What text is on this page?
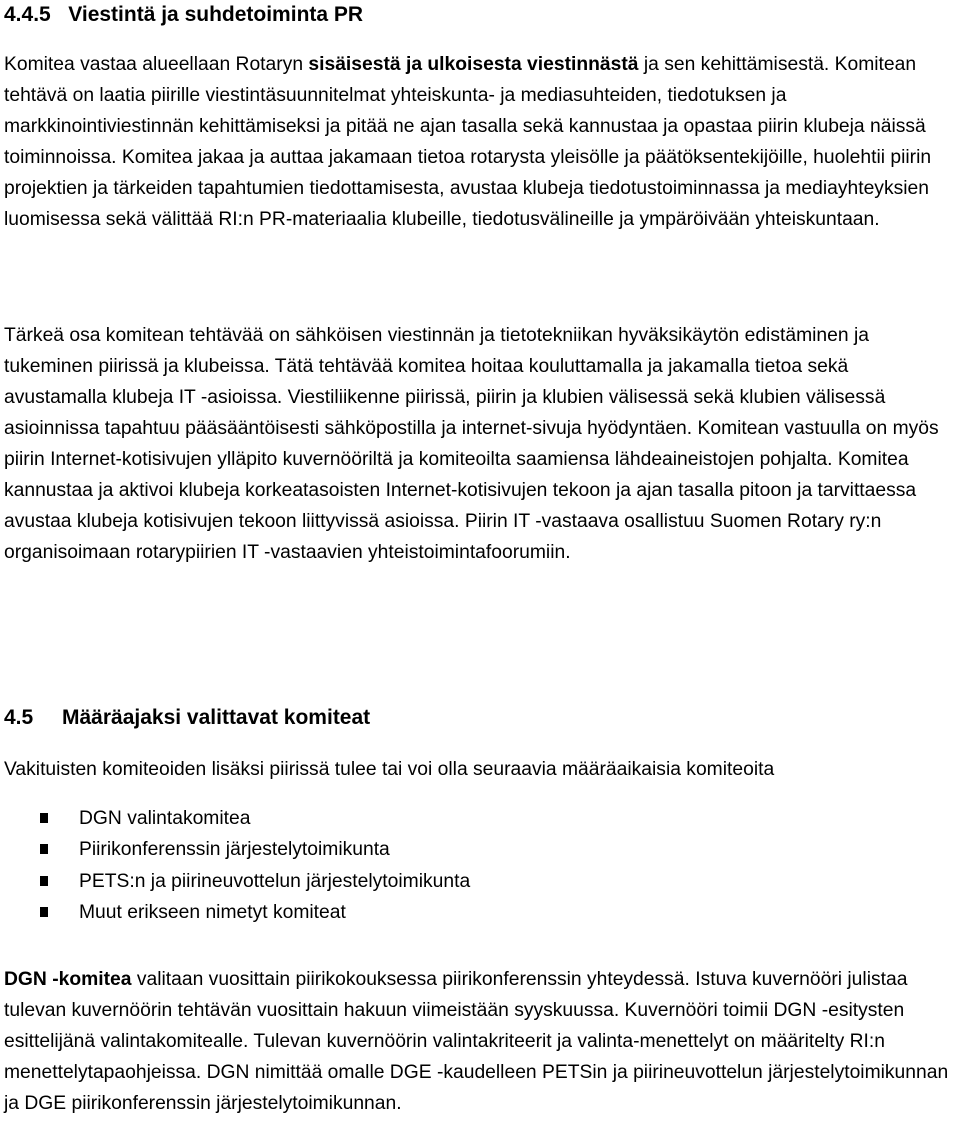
4.4.5 Viestintä ja suhdetoiminta PR

Komitea vastaa alueellaan Rotaryn sisäisestä ja ulkoisesta viestinnästä ja sen kehittämisestä. Komitean tehtävä on laatia piirille viestintäsuunnitelmat yhteiskunta- ja mediasuhteiden, tiedotuksen ja markkinointiviestinnän kehittämiseksi ja pitää ne ajan tasalla sekä kannustaa ja opastaa piirin klubeja näissä toiminnoissa. Komitea jakaa ja auttaa jakamaan tietoa rotarysta yleisölle ja päätöksentekijöille, huolehtii piirin projektien ja tärkeiden tapahtumien tiedottamisesta, avustaa klubeja tiedotustoiminnassa ja mediayhteyksien luomisessa sekä välittää RI:n PR-materiaalia klubeille, tiedotusvälineille ja ympäröivään yhteiskuntaan.

Tärkeä osa komitean tehtävää on sähköisen viestinnän ja tietotekniikan hyväksikäytön edistäminen ja tukeminen piirissä ja klubeissa. Tätä tehtävää komitea hoitaa kouluttamalla ja jakamalla tietoa sekä avustamalla klubeja IT -asioissa. Viestiliikenne piirissä, piirin ja klubien välisessä sekä klubien välisessä asioinnissa tapahtuu pääsääntöisesti sähköpostilla ja internet-sivuja hyödyntäen. Komitean vastuulla on myös piirin Internet-kotisivujen ylläpito kuvernööriltä ja komiteoilta saamiensa lähdeaineistojen pohjalta. Komitea kannustaa ja aktivoi klubeja korkeatasoisten Internet-kotisivujen tekoon ja ajan tasalla pitoon ja tarvittaessa avustaa klubeja kotisivujen tekoon liittyvissä asioissa. Piirin IT -vastaava osallistuu Suomen Rotary ry:n organisoimaan rotarypiirien IT -vastaavien yhteistoimintafoorumiin.

4.5 Määräajaksi valittavat komiteat

Vakituisten komiteoiden lisäksi piirissä tulee tai voi olla seuraavia määräaikaisia komiteoita

DGN valintakomitea
Piirikonferenssin järjestelytoimikunta
PETS:n ja piirineuvottelun järjestelytoimikunta
Muut erikseen nimetyt komiteat

DGN -komitea valitaan vuosittain piirikokouksessa piirikonferenssin yhteydessä. Istuva kuvernööri julistaa tulevan kuvernöörin tehtävän vuosittain hakuun viimeistään syyskuussa. Kuvernööri toimii DGN -esitysten esittelijänä valintakomitealle. Tulevan kuvernöörin valintakriteerit ja valinta-menettelyt on määritelty RI:n menettelytapaohjeissa. DGN nimittää omalle DGE -kaudelleen PETSin ja piirineuvottelun järjestelytoimikunnan ja DGE piirikonferenssin järjestelytoimikunnan.
